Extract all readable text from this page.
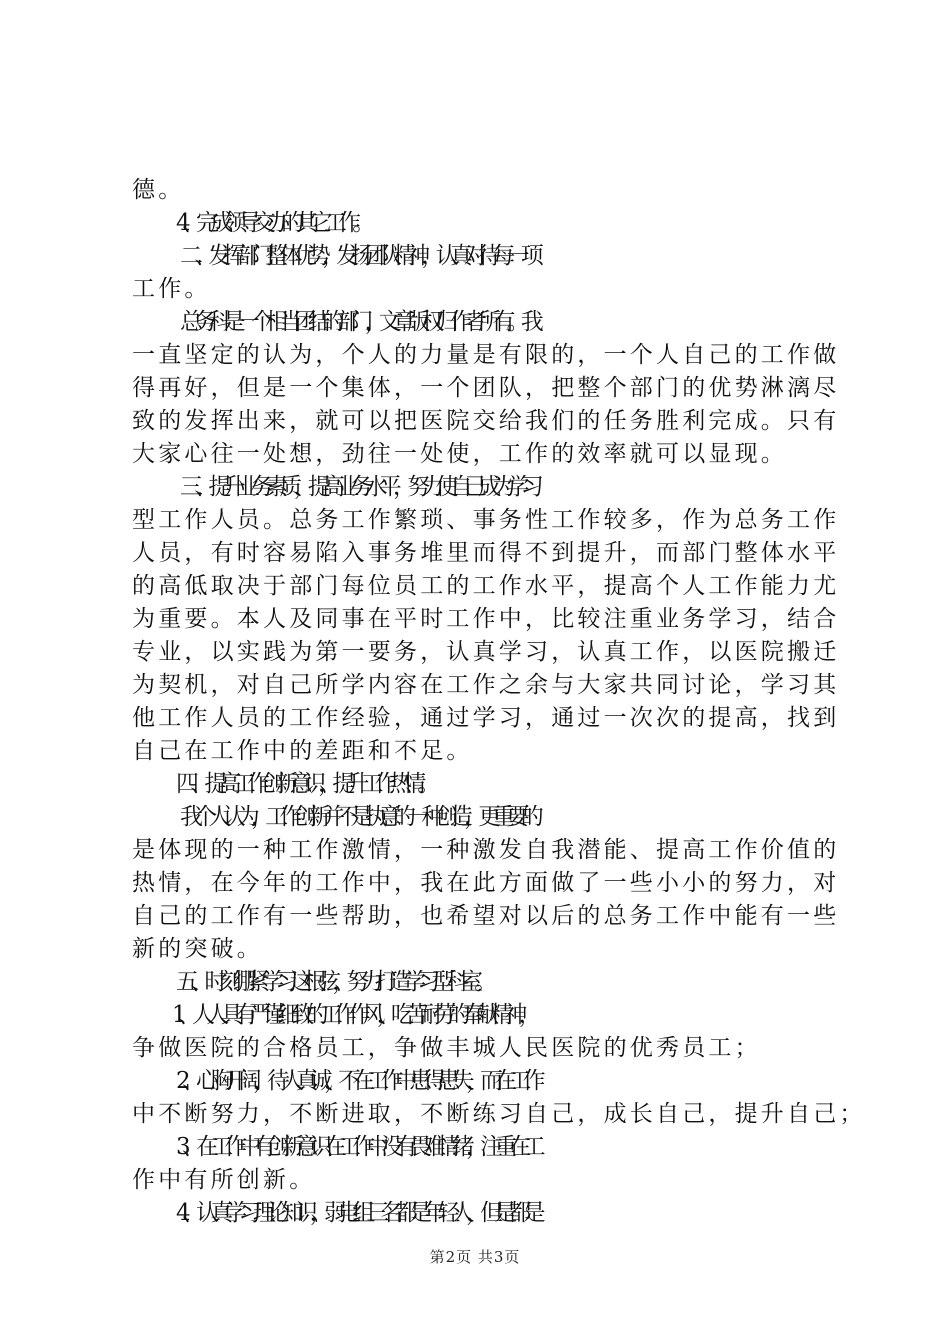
德。
4、完成领导交办的其它工作。
二、发挥部门整体优势，发扬团队精神，认真对待每一项
工作。
总务科是一个相当团结的部门，文章版权归作者所有。我
一直坚定的认为，个人的力量是有限的，一个人自己的工作做
得再好，但是一个集体，一个团队，把整个部门的优势淋漓尽
致的发挥出来，就可以把医院交给我们的任务胜利完成。只有
大家心往一处想，劲往一处使，工作的效率就可以显现。
三、提升业务素质，提高业务水平，努力使自己成为学习
型工作人员。总务工作繁琐、事务性工作较多，作为总务工作
人员，有时容易陷入事务堆里而得不到提升，而部门整体水平
的高低取决于部门每位员工的工作水平，提高个人工作能力尤
为重要。本人及同事在平时工作中，比较注重业务学习，结合
专业，以实践为第一要务，认真学习，认真工作，以医院搬迁
为契机，对自己所学内容在工作之余与大家共同讨论，学习其
他工作人员的工作经验，通过学习，通过一次次的提高，找到
自己在工作中的差距和不足。
四、提高工作创新意识，提升工作热情。
我个人认为，工作创新并不是执意的一种创造，更重要的
是体现的一种工作激情，一种激发自我潜能、提高工作价值的
热情，在今年的工作中，我在此方面做了一些小小的努力，对
自己的工作有一些帮助，也希望对以后的总务工作中能有一些
新的突破。
五、时刻绷紧学习这根弦，努力打造学习型科室。
1、人人具有严谨细致的工作作风，吃苦耐劳的奉献精神，
争做医院的合格员工，争做丰城人民医院的优秀员工；
2、心胸开阔，待人真诚，不在工作中患得患失，而在工作
中不断努力，不断进取，不断练习自己，成长自己，提升自己；
3、在工作中有创新意识在工作中没有畏难情绪，注重在工
作中有所创新。
4、认真学习理论知识，弱电组三名都是年轻人，但是都是
第2页 共3页
